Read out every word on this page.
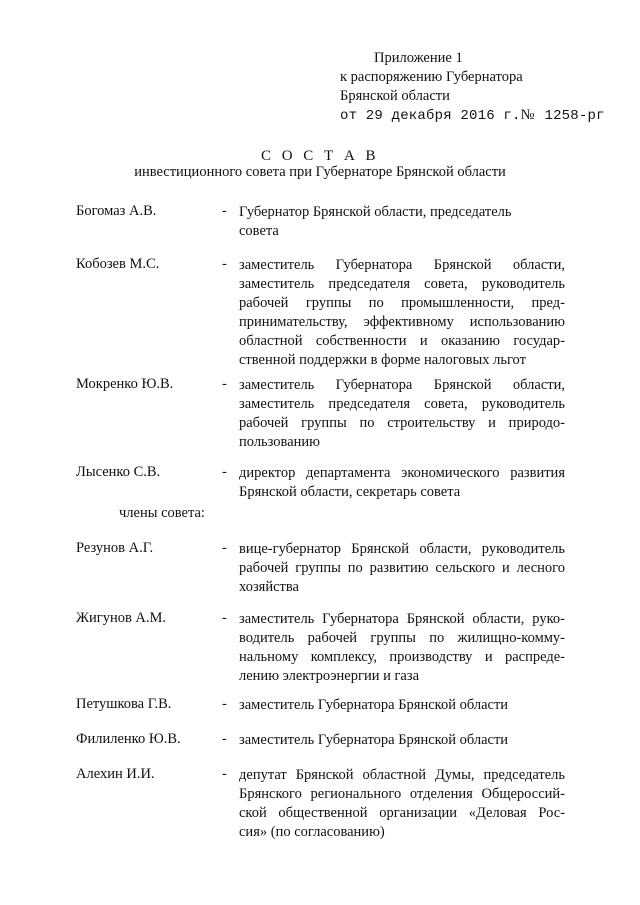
Приложение 1
к распоряжению Губернатора
Брянской области
от 29 декабря 2016 г.№ 1258-рг
С О С Т А В
инвестиционного совета при Губернаторе Брянской области
Богомаз А.В.	- Губернатор Брянской области, председатель
совета
Кобозев М.С.	- заместитель Губернатора Брянской области,
заместитель председателя совета, руководитель
рабочей группы по промышленности, пред-
принимательству, эффективному использованию
областной собственности и оказанию государ-
ственной поддержки в форме налоговых льгот
Мокренко Ю.В.	- заместитель Губернатора Брянской области,
заместитель председателя совета, руководитель
рабочей группы по строительству и природо-
пользованию
Лысенко С.В.	- директор департамента экономического развития
Брянской области, секретарь совета
члены совета:
Резунов А.Г.	- вице-губернатор Брянской области, руководитель
рабочей группы по развитию сельского и лесного
хозяйства
Жигунов А.М.	- заместитель Губернатора Брянской области, руко-
водитель рабочей группы по жилищно-комму-
нальному комплексу, производству и распреде-
лению электроэнергии и газа
Петушкова Г.В.	- заместитель Губернатора Брянской области
Филиленко Ю.В.	- заместитель Губернатора Брянской области
Алехин И.И.	- депутат Брянской областной Думы, председатель
Брянского регионального отделения Общероссий-
ской общественной организации «Деловая Рос-
сия» (по согласованию)
